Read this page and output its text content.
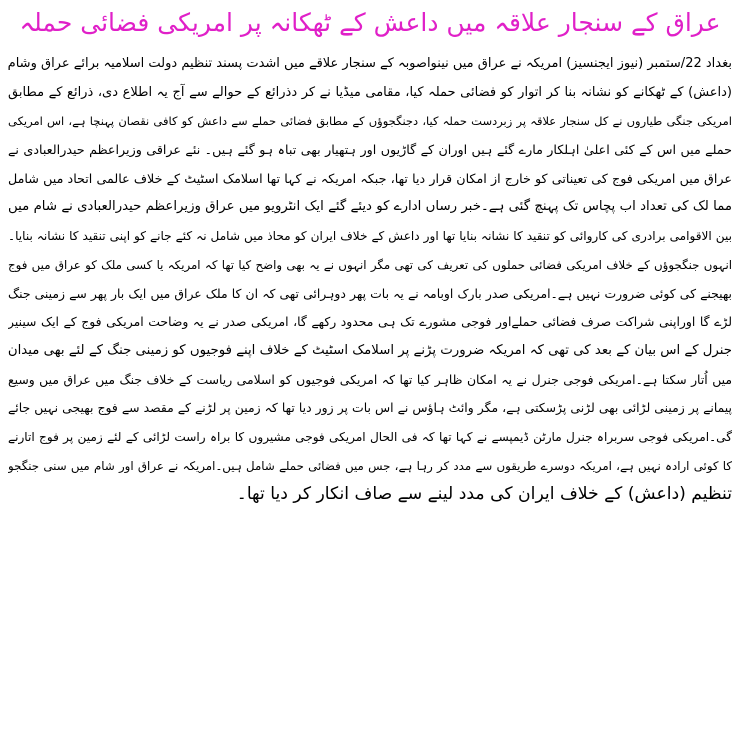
عراق کے سنجار علاقہ میں داعش کے ٹھکانہ پر امریکی فضائی حملہ
بغداد 22/ستمبر (نیوز ایجنسیز) امریکہ نے عراق میں نینواصوبہ کے سنجار علاقے میں اشدت پسند تنظیم دولت اسلامیہ برائے عراق وشام
(داعش) کے ٹھکانے کو نشانہ بنا کر اتوار کو فضائی حملہ کیا، مقامی میڈیا نے کر دذرائع کے حوالے سے آج یہ اطلاع دی، ذرائع کے مطابق
امریکی جنگی طیاروں نے کل سنجار علاقہ پر زبردست حملہ کیا، دجنگجوؤں کے مطابق فضائی حملے سے داعش کو کافی نقصان پہنچا ہے، اس امریکی
حملے میں اس کے کئی اعلیٰ اہلکار مارے گئے ہیں اوران کے گاڑیوں اور ہتھیار بھی تباہ ہو گئے ہیں۔ نئے عراقی وزیراعظم حیدرالعبادی نے
عراق میں امریکی فوج کی تعیناتی کو خارج از امکان قرار دیا تھا، جبکہ امریکہ نے کہا تھا اسلامک اسٹیٹ کے خلاف عالمی اتحاد میں شامل
مما لک کی تعداد اب پچاس تک پہنچ گئی ہے۔خبر رساں ادارے کو دیئے گئے ایک انٹرویو میں عراق وزیراعظم حیدرالعبادی نے شام میں
بین الاقوامی برادری کی کاروائی کو تنقید کا نشانہ بنایا تھا اور داعش کے خلاف ایران کو محاذ میں شامل نہ کئے جانے کو اپنی تنقید کا نشانہ بنایا۔
انہوں جنگجوؤں کے خلاف امریکی فضائی حملوں کی تعریف کی تھی مگر انہوں نے یہ بھی واضح کیا تھا کہ امریکہ یا کسی ملک کو عراق میں فوج
بھیجنے کی کوئی ضرورت نہیں ہے۔امریکی صدر بارک اوبامہ نے یہ بات پھر دوہرائی تھی کہ ان کا ملک عراق میں ایک بار پھر سے زمینی جنگ
لڑے گا اوراپنی شراکت صرف فضائی حملےاور فوجی مشورے تک ہی محدود رکھے گا، امریکی صدر نے یہ وضاحت امریکی فوج کے ایک سینیر
جنرل کے اس بیان کے بعد کی تھی کہ امریکہ ضرورت پڑنے پر اسلامک اسٹیٹ کے خلاف اپنے فوجیوں کو زمینی جنگ کے لئے بھی میدان
میں اُتار سکتا ہے۔امریکی فوجی جنرل نے یہ امکان ظاہر کیا تھا کہ امریکی فوجیوں کو اسلامی ریاست کے خلاف جنگ میں عراق میں وسیع
پیمانے پر زمینی لڑائی بھی لڑنی پڑسکتی ہے، مگر وائٹ ہاؤس نے اس بات پر زور دیا تھا کہ زمین پر لڑنے کے مقصد سے فوج بھیجی نہیں جائے
گی۔امریکی فوجی سربراہ جنرل مارٹن ڈیمپسے نے کہا تھا کہ فی الحال امریکی فوجی مشیروں کا براہ راست لڑائی کے لئے زمین پر فوج اتارنے
کا کوئی ارادہ نہیں ہے، امریکہ دوسرے طریقوں سے مدد کر رہا ہے، جس میں فضائی حملے شامل ہیں۔امریکہ نے عراق اور شام میں سنی جنگجو
تنظیم (داعش) کے خلاف ایران کی مدد لینے سے صاف انکار کر دیا تھا۔
